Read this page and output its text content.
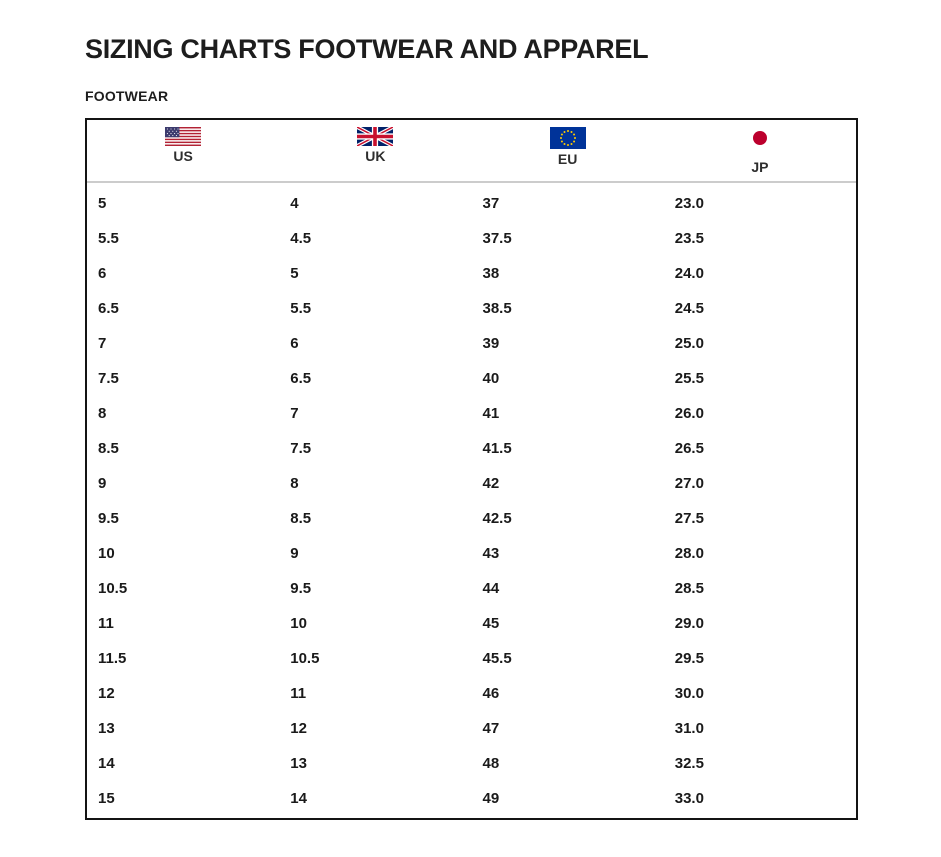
SIZING CHARTS FOOTWEAR AND APPAREL
FOOTWEAR
US	UK	EU	JP
5	4	37	23.0
5.5	4.5	37.5	23.5
6	5	38	24.0
6.5	5.5	38.5	24.5
7	6	39	25.0
7.5	6.5	40	25.5
8	7	41	26.0
8.5	7.5	41.5	26.5
9	8	42	27.0
9.5	8.5	42.5	27.5
10	9	43	28.0
10.5	9.5	44	28.5
11	10	45	29.0
11.5	10.5	45.5	29.5
12	11	46	30.0
13	12	47	31.0
14	13	48	32.5
15	14	49	33.0
